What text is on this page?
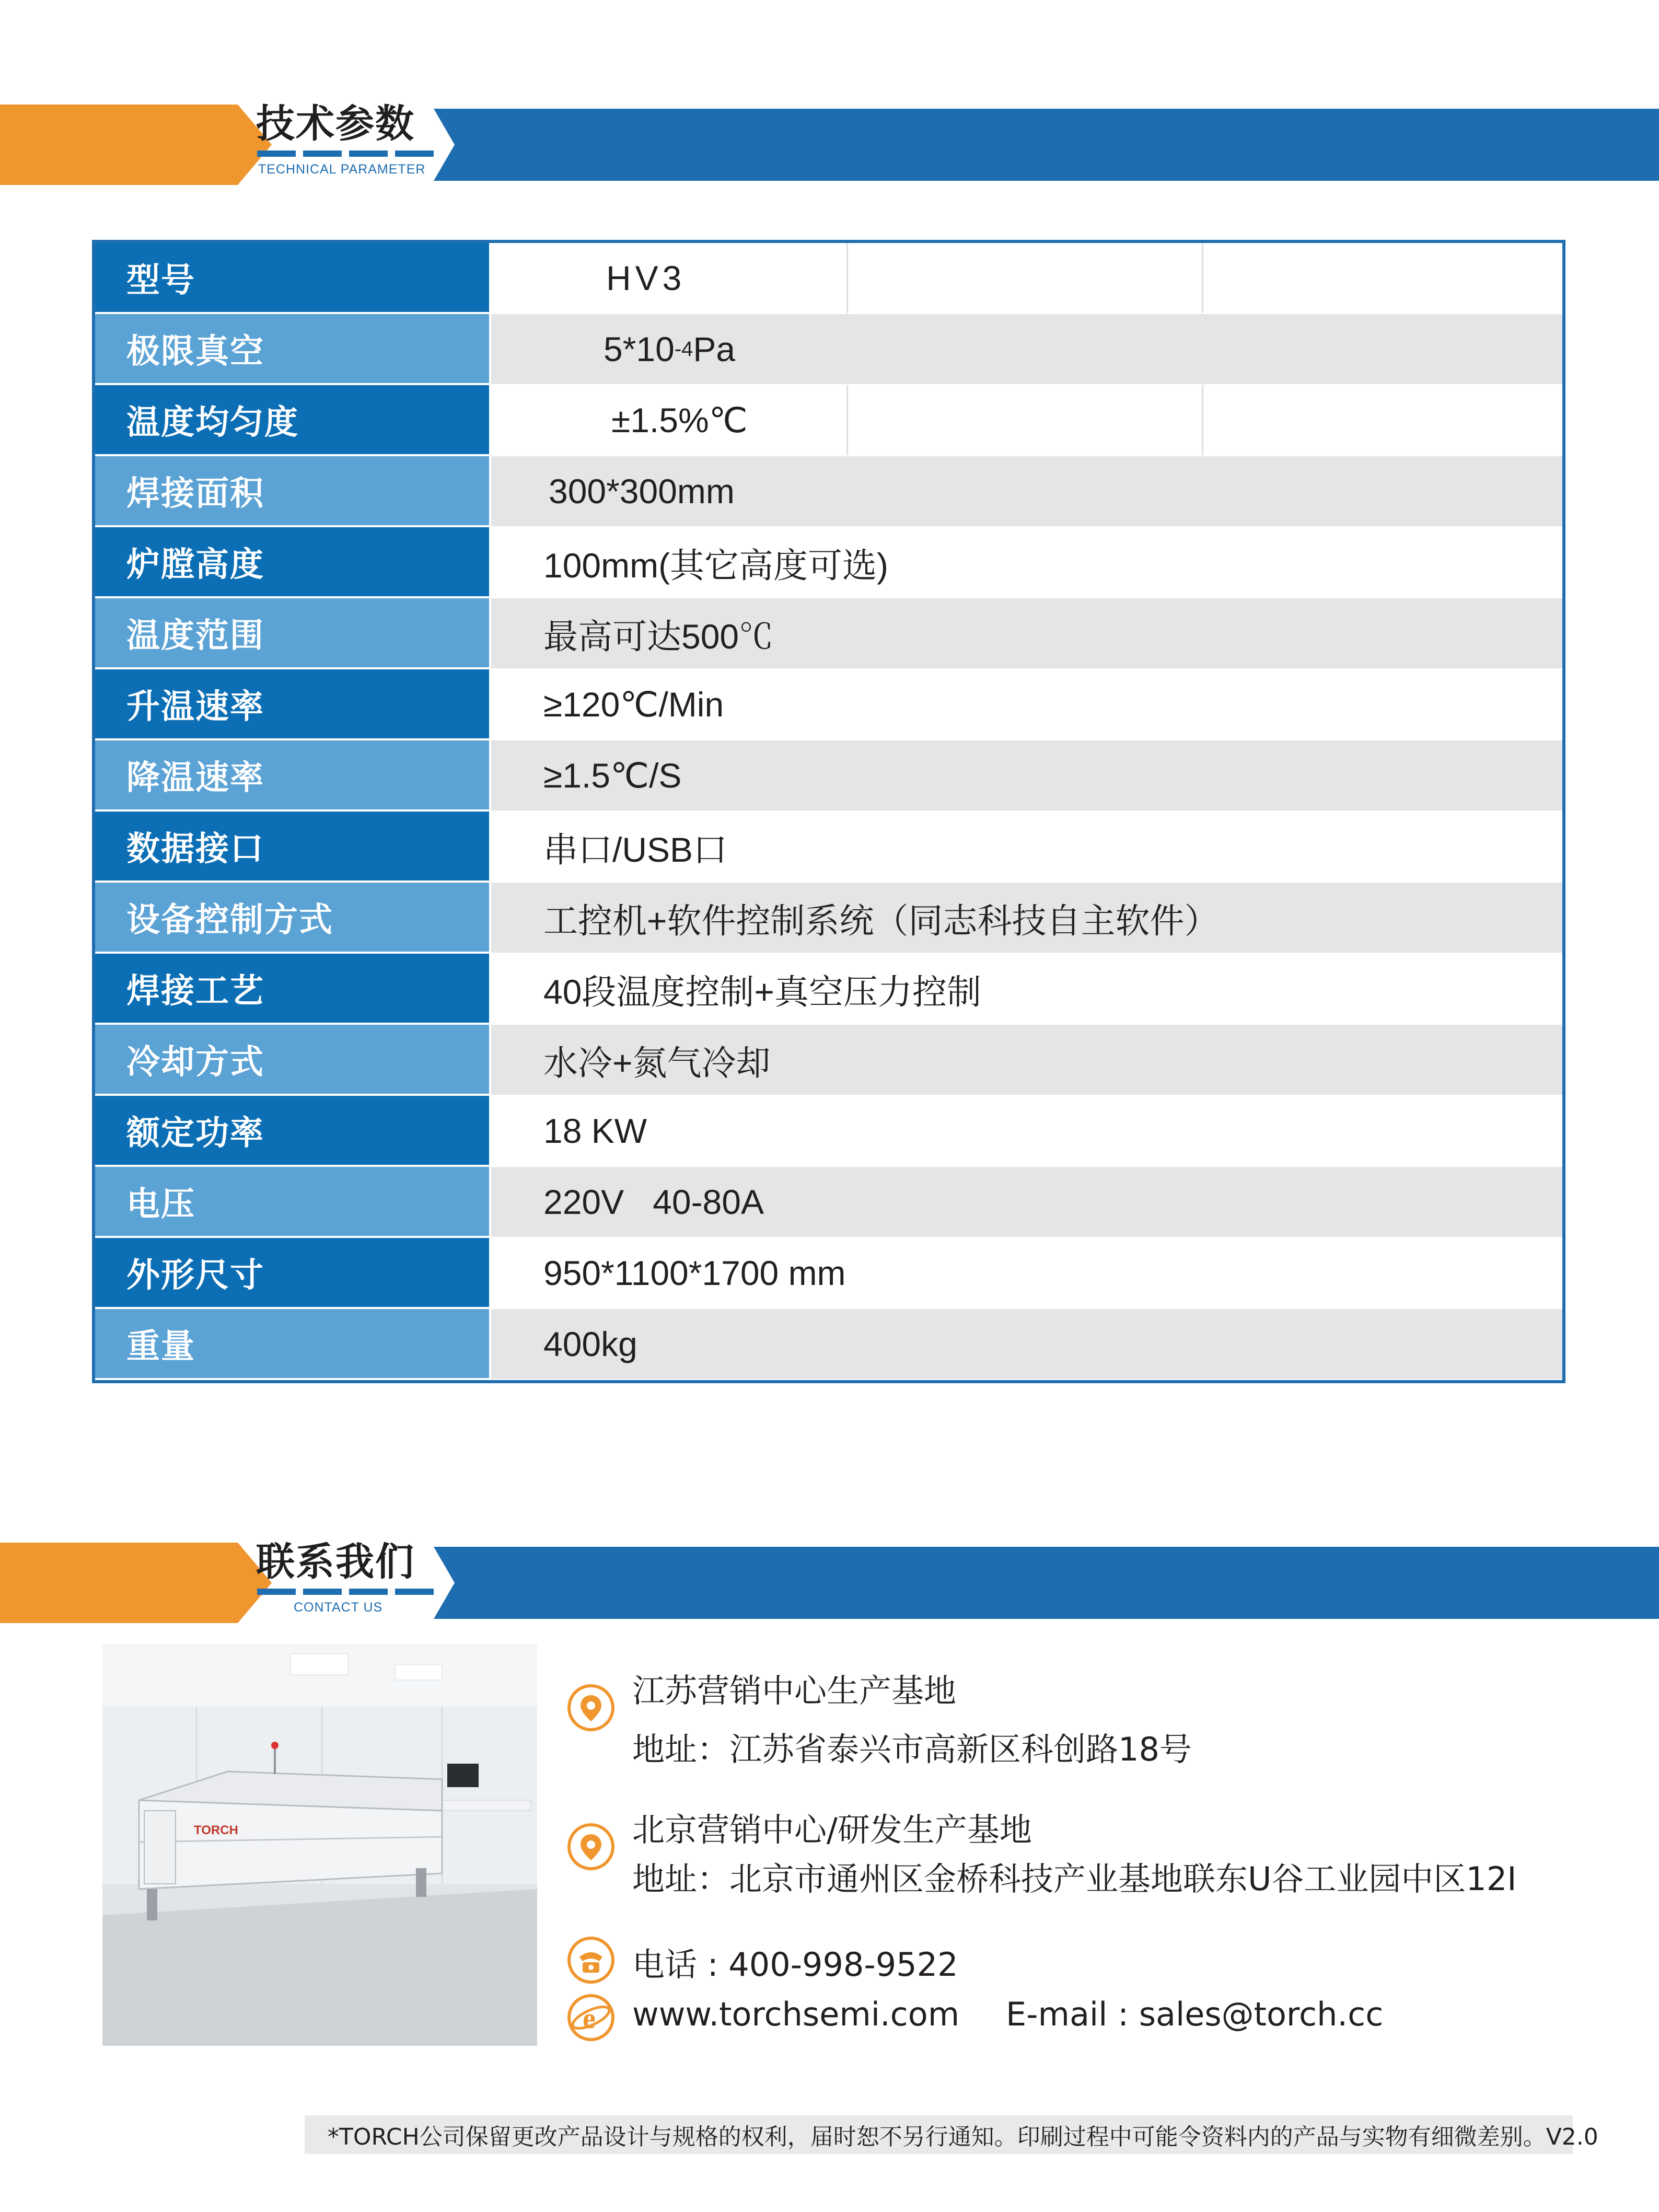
技术参数
TECHNICAL PARAMETER
型号	HV3
极限真空	5*10 -4 Pa
温度均匀度	±1.5%℃
焊接面积	300*300mm
炉膛高度	100mm(其它高度可选)
温度范围	最高可达500℃
升温速率	≥120℃/Min
降温速率	≥1.5℃/S
数据接口	串口/USB口
设备控制方式	工控机+软件控制系统（同志科技自主软件）
焊接工艺	40段温度控制+真空压力控制
冷却方式	水冷+氮气冷却
额定功率	18 KW
电压	220V   40-80A
外形尺寸	950*1100*1700 mm
重量	400kg
联系我们
CONTACT US
TORCH
江苏营销中心生产基地
地址：江苏省泰兴市高新区科创路18号
北京营销中心/研发生产基地
地址：北京市通州区金桥科技产业基地联东U谷工业园中区12I
电话 : 400-998-9522
e www.torchsemi.com E-mail : sales@torch.cc
*TORCH公司保留更改产品设计与规格的权利，届时恕不另行通知。印刷过程中可能令资料内的产品与实物有细微差别。V2.0
